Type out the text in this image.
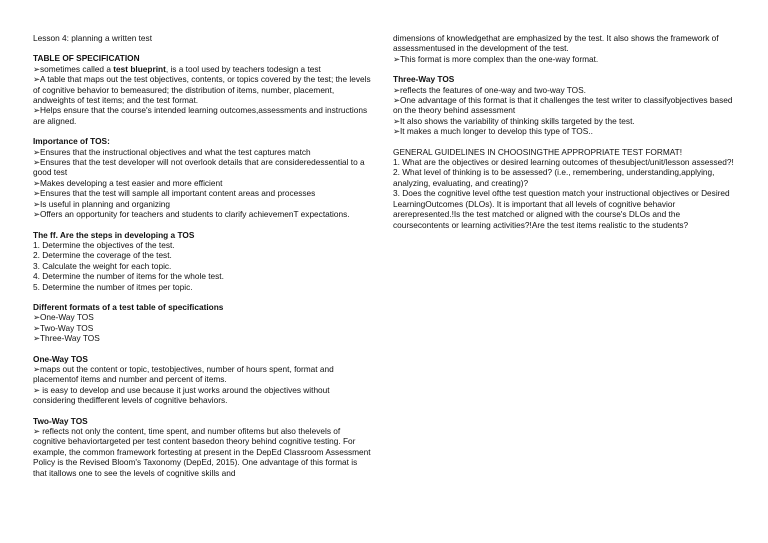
Lesson 4: planning a written test

TABLE OF SPECIFICATION

➢sometimes called a test blueprint, is a tool used by teachers todesign a test

➢A table that maps out the test objectives, contents, or topics covered by the test; the levels of cognitive behavior to bemeasured; the distribution of items, number, placement, andweights of test items; and the test format.

➢Helps ensure that the course's intended learning outcomes,assessments and instructions are aligned.

Importance of TOS:

➢Ensures that the instructional objectives and what the test captures match

➢Ensures that the test developer will not overlook details that are consideredessential to a good test

➢Makes developing a test easier and more efficient

➢Ensures that the test will sample all important content areas and processes

➢Is useful in planning and organizing

➢Offers an opportunity for teachers and students to clarify achievemenT expectations.

The ff. Are the steps in developing a TOS

1. Determine the objectives of the test.

2. Determine the coverage of the test.

3. Calculate the weight for each topic.

4. Determine the number of items for the whole test.

5. Determine the number of itmes per topic.

Different formats of a test table of specifications

➢One-Way TOS

➢Two-Way TOS

➢Three-Way TOS

One-Way TOS

➢maps out the content or topic, testobjectives, number of hours spent, format and placementof items and number and percent of items.

➢ is easy to develop and use because it just works around the objectives without considering thedifferent levels of cognitive behaviors.

Two-Way TOS

➢ reflects not only the content, time spent, and number ofitems but also thelevels of cognitive behaviortargeted per test content basedon theory behind cognitive testing. For example, the common framework fortesting at present in the DepEd Classroom Assessment Policy is the Revised Bloom's Taxonomy (DepEd, 2015). One advantage of this format is that itallows one to see the levels of cognitive skills and

dimensions of knowledgethat are emphasized by the test. It also shows the framework of assessmentused in the development of the test.

➢This format is more complex than the one-way format.

Three-Way TOS

➢reflects the features of one-way and two-way TOS.

➢One advantage of this format is that it challenges the test writer to classifyobjectives based on the theory behind assessment

➢It also shows the variability of thinking skills targeted by the test.

➢It makes a much longer to develop this type of TOS..

GENERAL GUIDELINES IN CHOOSINGTHE APPROPRIATE TEST FORMAT!

1. What are the objectives or desired learning outcomes of thesubject/unit/lesson assessed?!

2. What level of thinking is to be assessed? (i.e., remembering, understanding,applying, analyzing, evaluating, and creating)?

3. Does the cognitive level ofthe test question match your instructional objectives or Desired LearningOutcomes (DLOs). It is important that all levels of cognitive behavior arerepresented.!Is the test matched or aligned with the course's DLOs and the coursecontents or learning activities?!Are the test items realistic to the students?
